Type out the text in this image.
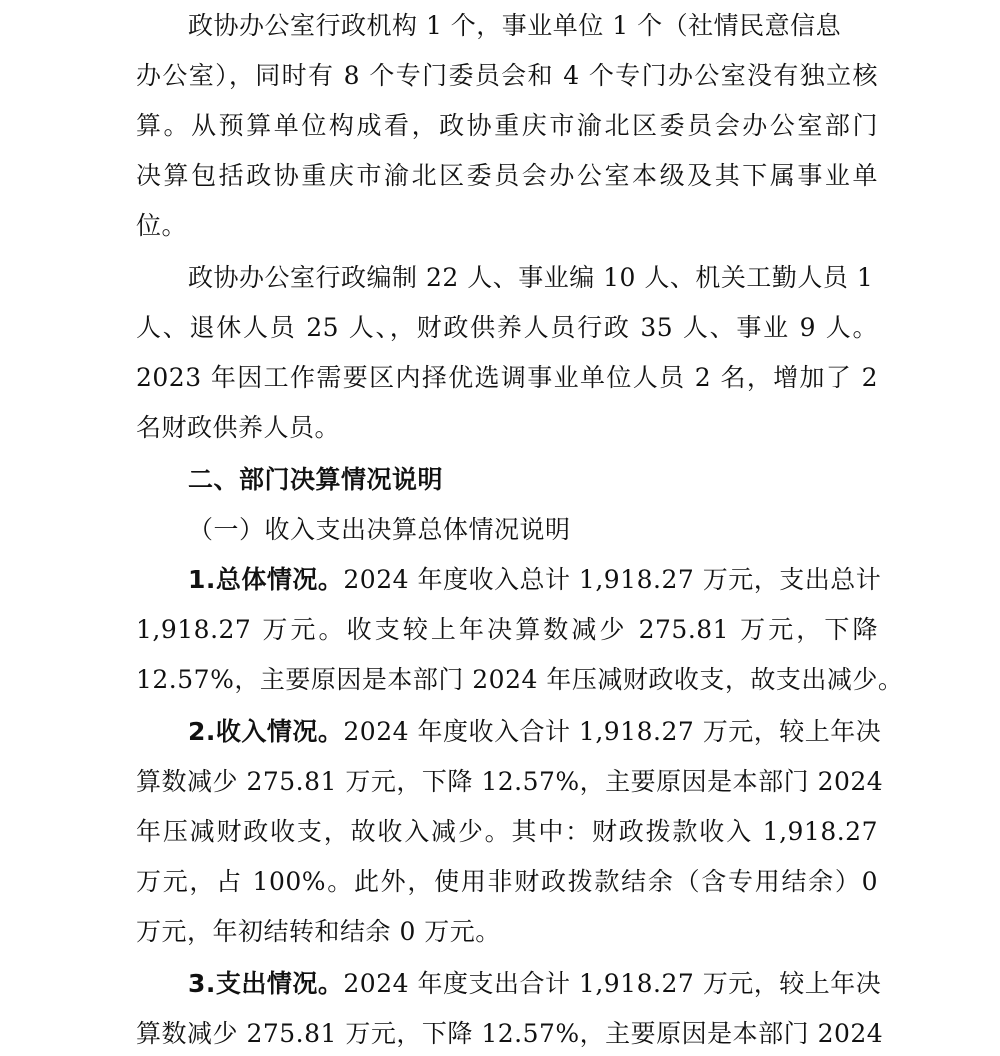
政协办公室行政机构 1 个，事业单位 1 个（社情民意信息
办公室），同时有 8 个专门委员会和 4 个专门办公室没有独立核
算。从预算单位构成看，政协重庆市渝北区委员会办公室部门
决算包括政协重庆市渝北区委员会办公室本级及其下属事业单
位。
政协办公室行政编制 22 人、事业编 10 人、机关工勤人员 1
人、退休人员 25 人、，财政供养人员行政 35 人、事业 9 人。
2023 年因工作需要区内择优选调事业单位人员 2 名，增加了 2
名财政供养人员。
二、部门决算情况说明
（一）收入支出决算总体情况说明
1.总体情况。2024 年度收入总计 1,918.27 万元，支出总计
1,918.27 万元。收支较上年决算数减少 275.81 万元，下降
12.57%，主要原因是本部门 2024 年压减财政收支，故支出减少。
2.收入情况。2024 年度收入合计 1,918.27 万元，较上年决
算数减少 275.81 万元，下降 12.57%，主要原因是本部门 2024
年压减财政收支，故收入减少。其中：财政拨款收入 1,918.27
万元，占 100%。此外，使用非财政拨款结余（含专用结余）0
万元，年初结转和结余 0 万元。
3.支出情况。2024 年度支出合计 1,918.27 万元，较上年决
算数减少 275.81 万元，下降 12.57%，主要原因是本部门 2024
